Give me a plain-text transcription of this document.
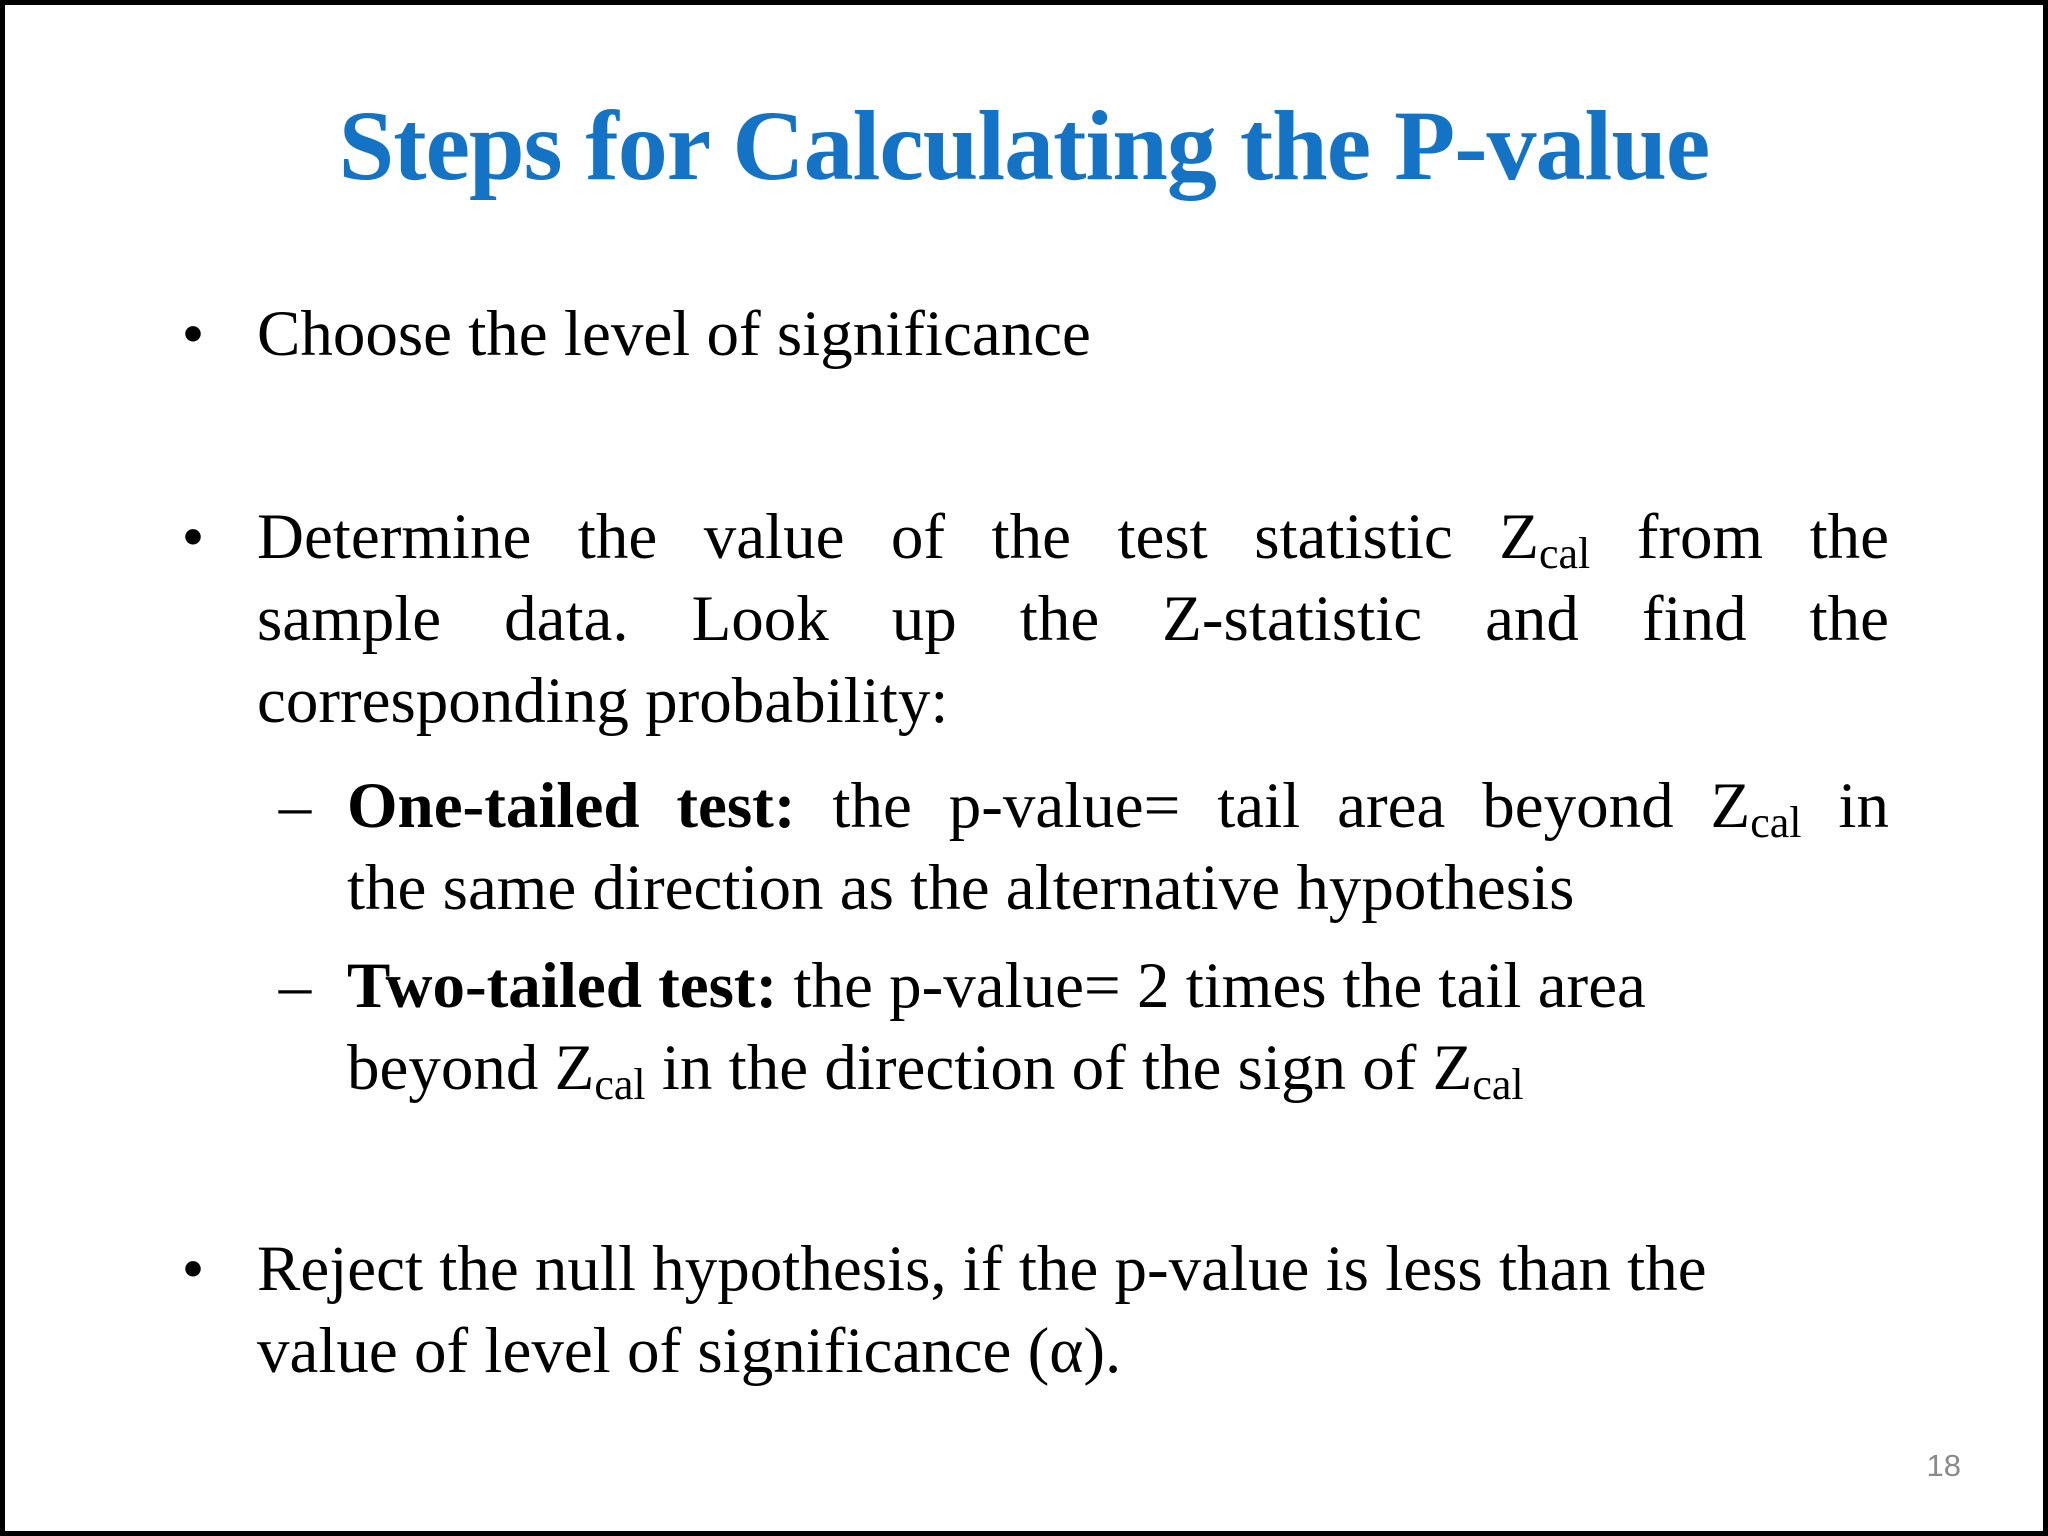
Steps for Calculating the P-value
• Choose the level of significance
• Determine the value of the test statistic $Z_{cal}$ from the
sample data. Look up the Z-statistic and find the
corresponding probability:
– One-tailed test: the p-value= tail area beyond $Z_{cal}$ in
the same direction as the alternative hypothesis
– Two-tailed test: the p-value= 2 times the tail area
beyond $Z_{cal}$ in the direction of the sign of $Z_{cal}$
• Reject the null hypothesis, if the p-value is less than the
value of level of significance (α).
18
